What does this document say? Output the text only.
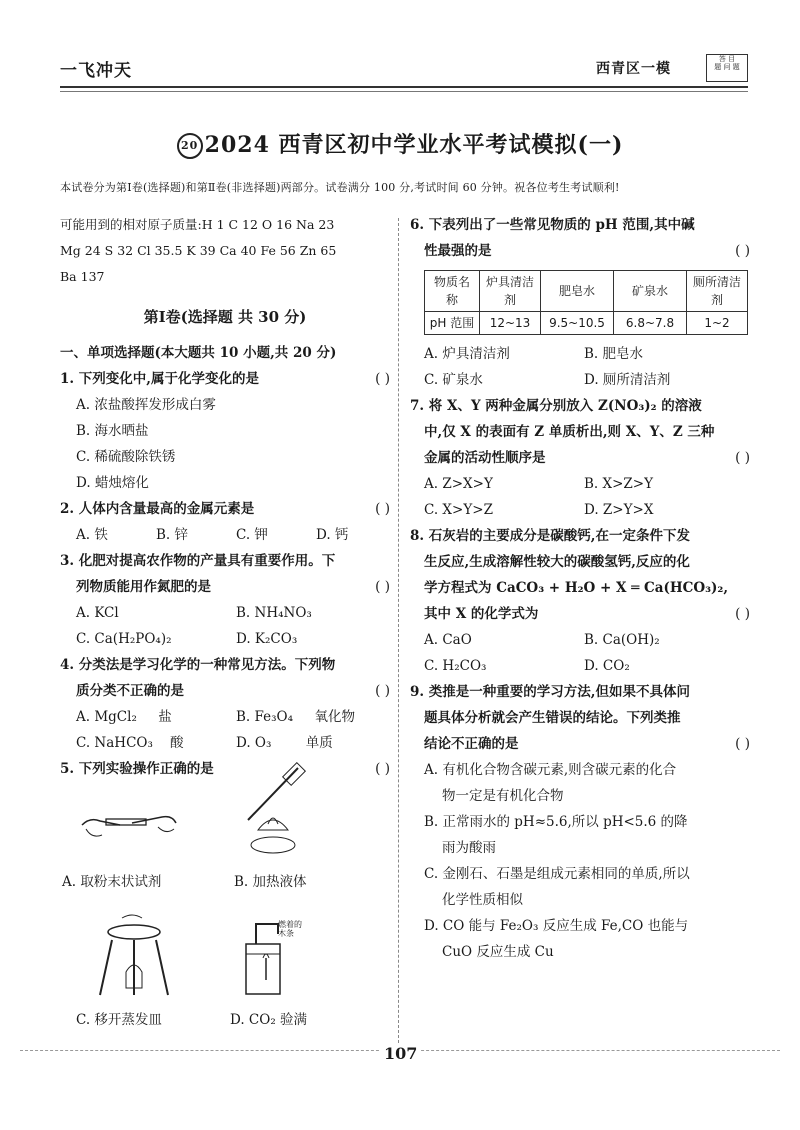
一飞冲天	西青区一模
答 目
题 问 题
20 2024 西青区初中学业水平考试模拟(一)
本试卷分为第Ⅰ卷(选择题)和第Ⅱ卷(非选择题)两部分。试卷满分 100 分,考试时间 60 分钟。祝各位考生考试顺利!
可能用到的相对原子质量:H 1 C 12 O 16 Na 23
Mg 24 S 32 Cl 35.5 K 39 Ca 40 Fe 56 Zn 65
Ba 137
第Ⅰ卷(选择题 共 30 分)
一、单项选择题(本大题共 10 小题,共 20 分)
1. 下列变化中,属于化学变化的是	( )
A. 浓盐酸挥发形成白雾
B. 海水晒盐
C. 稀硫酸除铁锈
D. 蜡烛熔化
2. 人体内含量最高的金属元素是	( )
A. 铁	B. 锌	C. 钾	D. 钙
3. 化肥对提高农作物的产量具有重要作用。下
列物质能用作氮肥的是	( )
A. KCl	B. NH₄NO₃
C. Ca(H₂PO₄)₂	D. K₂CO₃
4. 分类法是学习化学的一种常见方法。下列物
质分类不正确的是	( )
A. MgCl₂     盐	B. Fe₃O₄     氧化物
C. NaHCO₃    酸	D. O₃        单质
5. 下列实验操作正确的是	( )
A. 取粉末状试剂	B. 加热液体
C. 移开蒸发皿
燃着的木条
D. CO₂ 验满
6. 下表列出了一些常见物质的 pH 范围,其中碱
性最强的是	( )
物质名称	炉具清洁剂	肥皂水	矿泉水	厕所清洁剂
pH 范围	12~13	9.5~10.5	6.8~7.8	1~2
A. 炉具清洁剂	B. 肥皂水
C. 矿泉水	D. 厕所清洁剂
7. 将 X、Y 两种金属分别放入 Z(NO₃)₂ 的溶液
中,仅 X 的表面有 Z 单质析出,则 X、Y、Z 三种
金属的活动性顺序是	( )
A. Z>X>Y	B. X>Z>Y
C. X>Y>Z	D. Z>Y>X
8. 石灰岩的主要成分是碳酸钙,在一定条件下发
生反应,生成溶解性较大的碳酸氢钙,反应的化
学方程式为 CaCO₃ + H₂O + X ═ Ca(HCO₃)₂,
其中 X 的化学式为	( )
A. CaO	B. Ca(OH)₂
C. H₂CO₃	D. CO₂
9. 类推是一种重要的学习方法,但如果不具体问
题具体分析就会产生错误的结论。下列类推
结论不正确的是	( )
A. 有机化合物含碳元素,则含碳元素的化合
物一定是有机化合物
B. 正常雨水的 pH≈5.6,所以 pH<5.6 的降
雨为酸雨
C. 金刚石、石墨是组成元素相同的单质,所以
化学性质相似
D. CO 能与 Fe₂O₃ 反应生成 Fe,CO 也能与
CuO 反应生成 Cu
107
